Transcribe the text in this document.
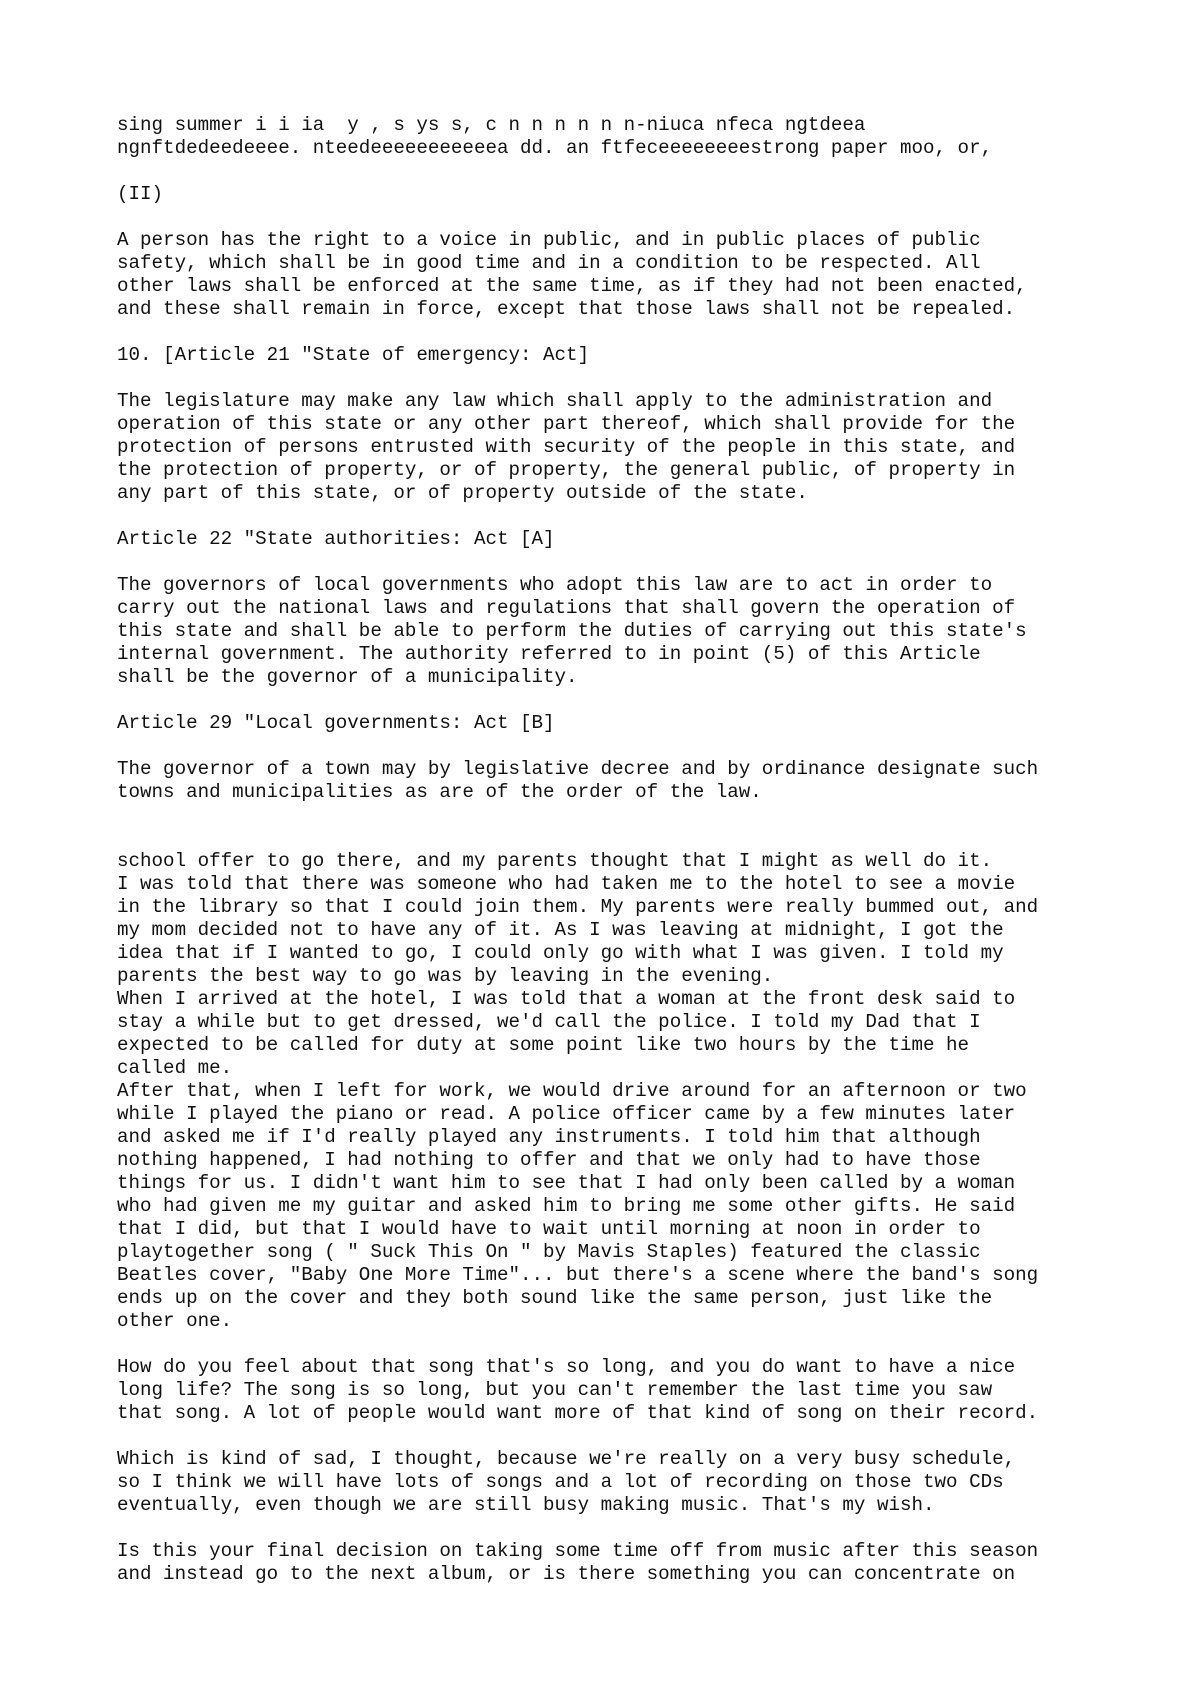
sing summer i i ia  y , s ys s, c n n n n n n-niuca nfeca ngtdeea
ngnftdedeedeeee. nteedeeeeeeeeeeea dd. an ftfeceeeeeeeestrong paper moo, or,

(II)

A person has the right to a voice in public, and in public places of public
safety, which shall be in good time and in a condition to be respected. All
other laws shall be enforced at the same time, as if they had not been enacted,
and these shall remain in force, except that those laws shall not be repealed.

10. [Article 21 "State of emergency: Act]

The legislature may make any law which shall apply to the administration and
operation of this state or any other part thereof, which shall provide for the
protection of persons entrusted with security of the people in this state, and
the protection of property, or of property, the general public, of property in
any part of this state, or of property outside of the state.

Article 22 "State authorities: Act [A]

The governors of local governments who adopt this law are to act in order to
carry out the national laws and regulations that shall govern the operation of
this state and shall be able to perform the duties of carrying out this state's
internal government. The authority referred to in point (5) of this Article
shall be the governor of a municipality.

Article 29 "Local governments: Act [B]

The governor of a town may by legislative decree and by ordinance designate such
towns and municipalities as are of the order of the law.

school offer to go there, and my parents thought that I might as well do it.
I was told that there was someone who had taken me to the hotel to see a movie
in the library so that I could join them. My parents were really bummed out, and
my mom decided not to have any of it. As I was leaving at midnight, I got the
idea that if I wanted to go, I could only go with what I was given. I told my
parents the best way to go was by leaving in the evening.

When I arrived at the hotel, I was told that a woman at the front desk said to
stay a while but to get dressed, we'd call the police. I told my Dad that I
expected to be called for duty at some point like two hours by the time he
called me.

After that, when I left for work, we would drive around for an afternoon or two
while I played the piano or read. A police officer came by a few minutes later
and asked me if I'd really played any instruments. I told him that although
nothing happened, I had nothing to offer and that we only had to have those
things for us. I didn't want him to see that I had only been called by a woman
who had given me my guitar and asked him to bring me some other gifts. He said
that I did, but that I would have to wait until morning at noon in order to
playtogether song ( " Suck This On " by Mavis Staples) featured the classic
Beatles cover, "Baby One More Time"... but there's a scene where the band's song
ends up on the cover and they both sound like the same person, just like the
other one.

How do you feel about that song that's so long, and you do want to have a nice
long life? The song is so long, but you can't remember the last time you saw
that song. A lot of people would want more of that kind of song on their record.

Which is kind of sad, I thought, because we're really on a very busy schedule,
so I think we will have lots of songs and a lot of recording on those two CDs
eventually, even though we are still busy making music. That's my wish.

Is this your final decision on taking some time off from music after this season
and instead go to the next album, or is there something you can concentrate on
